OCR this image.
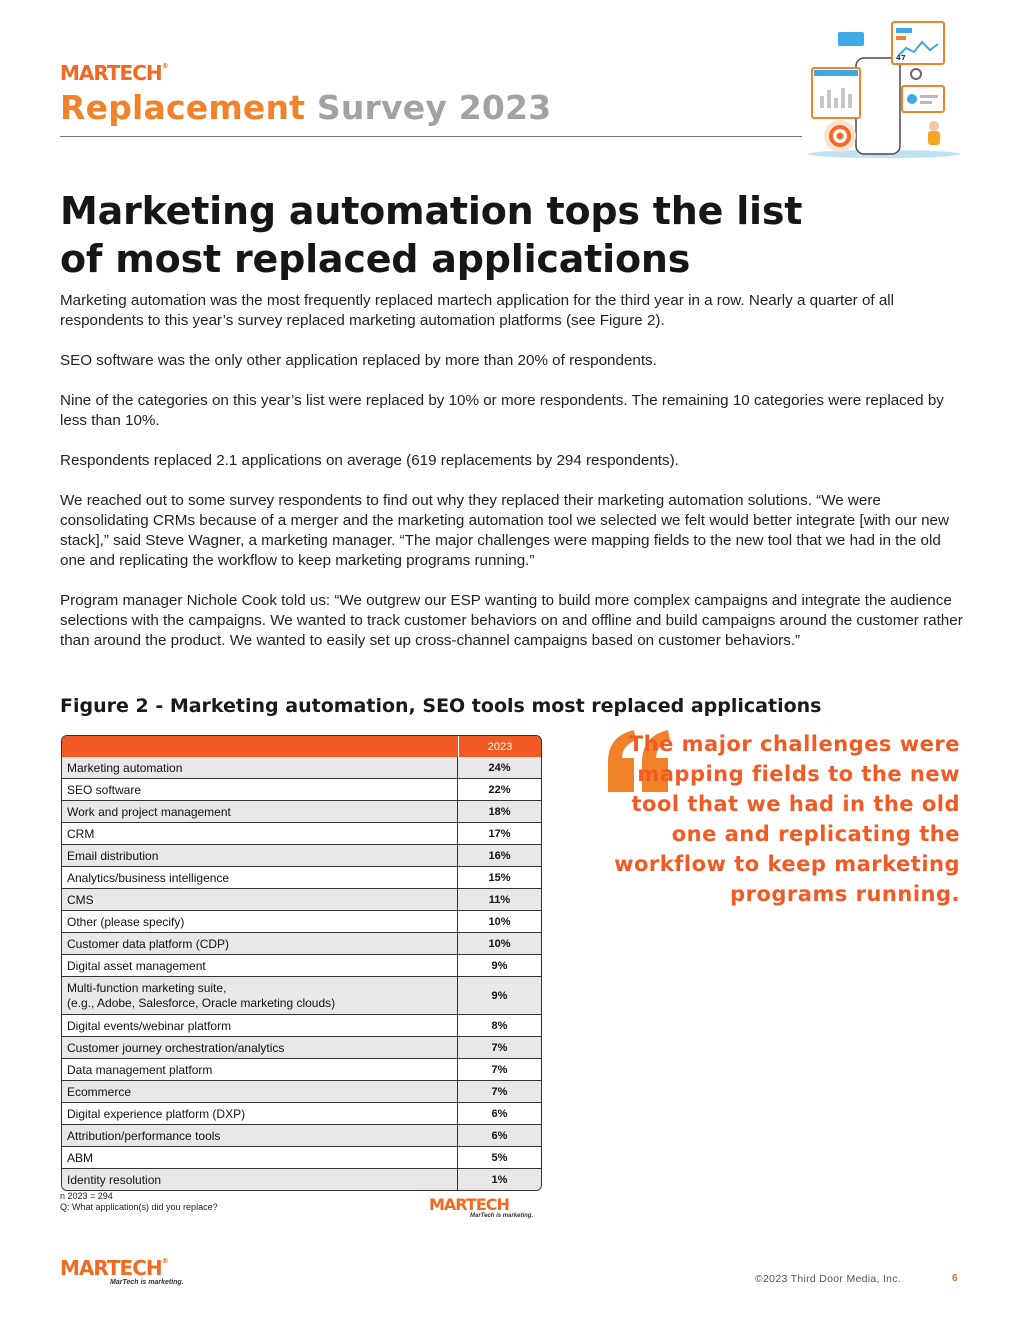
MARTECH®
Replacement Survey 2023
47
Marketing automation tops the list of most replaced applications

Marketing automation was the most frequently replaced martech application for the third year in a row. Nearly a quarter of all respondents to this year’s survey replaced marketing automation platforms (see Figure 2).

SEO software was the only other application replaced by more than 20% of respondents.

Nine of the categories on this year’s list were replaced by 10% or more respondents. The remaining 10 categories were replaced by less than 10%.

Respondents replaced 2.1 applications on average (619 replacements by 294 respondents).

We reached out to some survey respondents to find out why they replaced their marketing automation solutions. “We were consolidating CRMs because of a merger and the marketing automation tool we selected we felt would better integrate [with our new stack],” said Steve Wagner, a marketing manager. “The major challenges were mapping fields to the new tool that we had in the old one and replicating the workflow to keep marketing programs running.”

Program manager Nichole Cook told us: “We outgrew our ESP wanting to build more complex campaigns and integrate the audience selections with the campaigns. We wanted to track customer behaviors on and offline and build campaigns around the customer rather than around the product. We wanted to easily set up cross-channel campaigns based on customer behaviors.”

Figure 2 - Marketing automation, SEO tools most replaced applications
2023
Marketing automation	24%
SEO software	22%
Work and project management	18%
CRM	17%
Email distribution	16%
Analytics/business intelligence	15%
CMS	11%
Other (please specify)	10%
Customer data platform (CDP)	10%
Digital asset management	9%
Multi-function marketing suite,
(e.g., Adobe, Salesforce, Oracle marketing clouds)	9%
Digital events/webinar platform	8%
Customer journey orchestration/analytics	7%
Data management platform	7%
Ecommerce	7%
Digital experience platform (DXP)	6%
Attribution/performance tools	6%
ABM	5%
Identity resolution	1%
n 2023 = 294
Q: What application(s) did you replace?	MARTECH
MarTech is marketing.

The major challenges were mapping fields to the new tool that we had in the old one and replicating the workflow to keep marketing programs running.

MARTECH®
MarTech is marketing.	©2023 Third Door Media, Inc.	6
